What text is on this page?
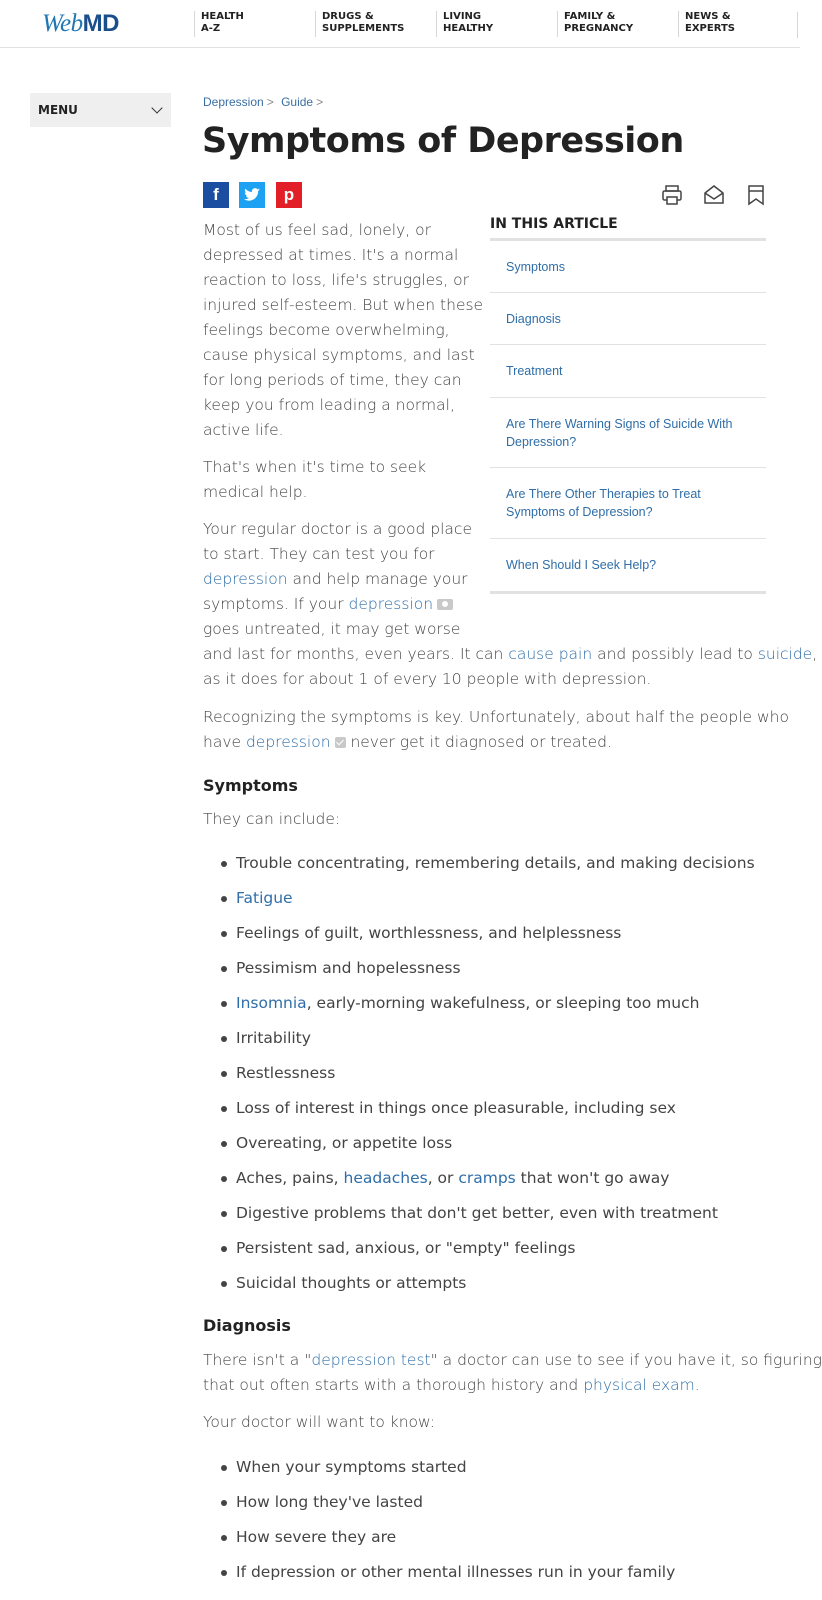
WebMD	HEALTH
A-Z
DRUGS &
SUPPLEMENTS
LIVING
HEALTHY
FAMILY &
PREGNANCY
NEWS &
EXPERTS
MENU
Depression > Guide >
Symptoms of Depression
f	p
Most of us feel sad, lonely, or
depressed at times. It's a normal
reaction to loss, life's struggles, or
injured self-esteem. But when these
feelings become overwhelming,
cause physical symptoms, and last
for long periods of time, they can
keep you from leading a normal,
active life.
That's when it's time to seek
medical help.
Your regular doctor is a good place
to start. They can test you for
depression and help manage your
symptoms. If your depression
goes untreated, it may get worse
and last for months, even years. It can cause pain and possibly lead to suicide,
as it does for about 1 of every 10 people with depression.
Recognizing the symptoms is key. Unfortunately, about half the people who
have depression never get it diagnosed or treated.
Symptoms
They can include:
Trouble concentrating, remembering details, and making decisions
Fatigue
Feelings of guilt, worthlessness, and helplessness
Pessimism and hopelessness
Insomnia, early-morning wakefulness, or sleeping too much
Irritability
Restlessness
Loss of interest in things once pleasurable, including sex
Overeating, or appetite loss
Aches, pains, headaches, or cramps that won't go away
Digestive problems that don't get better, even with treatment
Persistent sad, anxious, or "empty" feelings
Suicidal thoughts or attempts
Diagnosis
There isn't a "depression test" a doctor can use to see if you have it, so figuring
that out often starts with a thorough history and physical exam.
Your doctor will want to know:
When your symptoms started
How long they've lasted
How severe they are
If depression or other mental illnesses run in your family
IN THIS ARTICLE
Symptoms
Diagnosis
Treatment
Are There Warning Signs of Suicide With Depression?
Are There Other Therapies to Treat Symptoms of Depression?
When Should I Seek Help?
